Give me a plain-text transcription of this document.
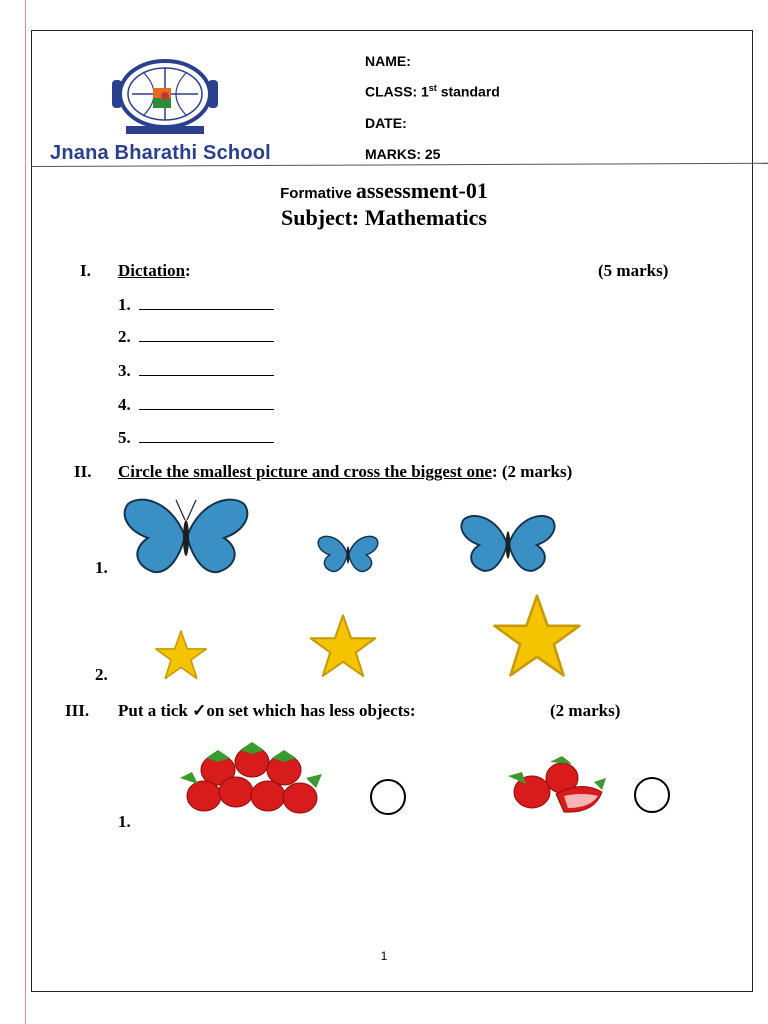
Jnana Bharathi School
NAME:
CLASS: 1st standard
DATE:
MARKS: 25
Formative assessment-01
Subject: Mathematics
I. Dictation:	(5 marks)
1.
2.
3.
4.
5.
II. Circle the smallest picture and cross the biggest one: (2 marks)
1.
2.
III. Put a tick ✓on set which has less objects:	(2 marks)
1.
1
